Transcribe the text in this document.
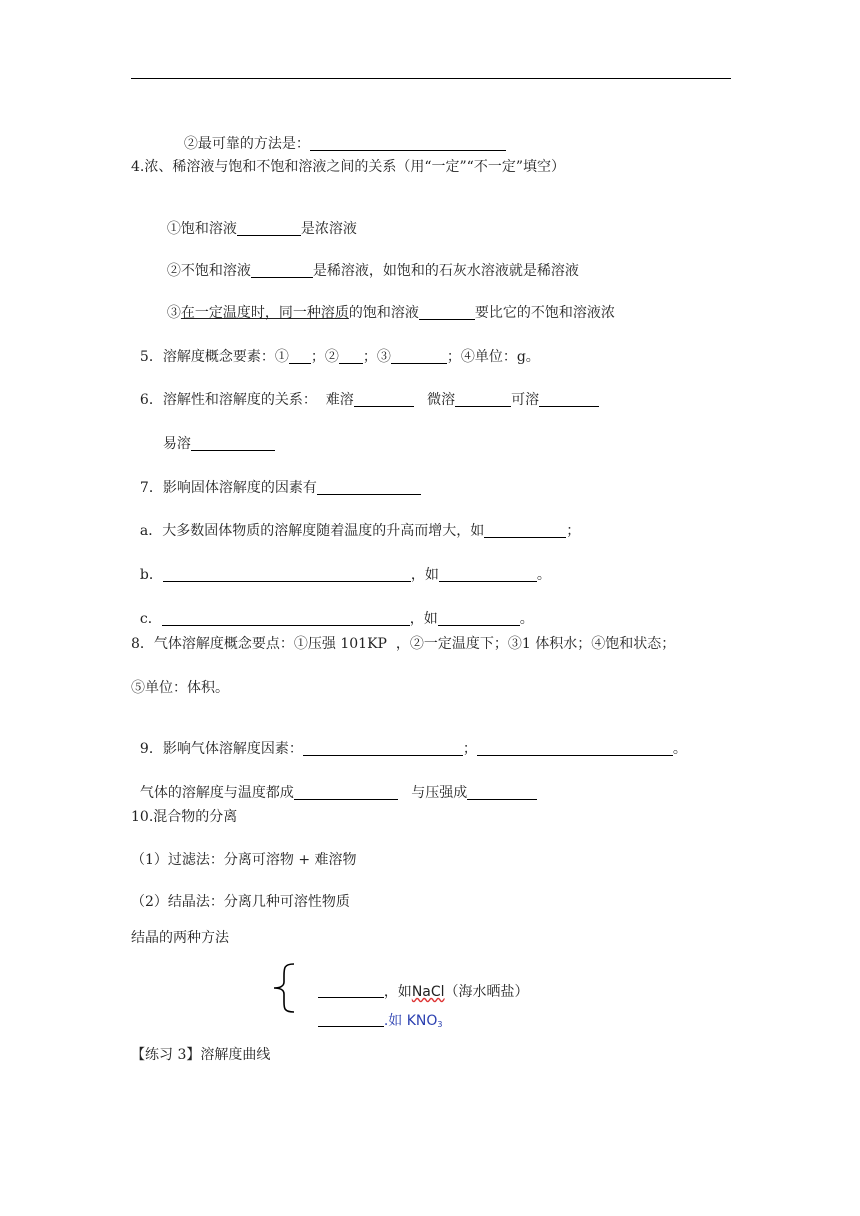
②最可靠的方法是：

4.浓、稀溶液与饱和不饱和溶液之间的关系（用“一定”“不一定”填空）

①饱和溶液	是浓溶液

②不饱和溶液	是稀溶液，如饱和的石灰水溶液就是稀溶液

③在一定温度时，同一种溶质的饱和溶液	要比它的不饱和溶液浓

5．溶解度概念要素：① ；② ；③	；④单位：g。

6．溶解性和溶解度的关系：  难溶	微溶	可溶

易溶

7．影响固体溶解度的因素有

a．大多数固体物质的溶解度随着温度的升高而增大，如	；

b．	，如	。

c．	，如	。

8．气体溶解度概念要点：①压强 101KP  ，②一定温度下；③1 体积水；④饱和状态；
⑤单位：体积。

9．影响气体溶解度因素：	；	。

气体的溶解度与温度都成	与压强成

10.混合物的分离
（1）过滤法：分离可溶物 + 难溶物
（2）结晶法：分离几种可溶性物质
结晶的两种方法

，如NaCl（海水晒盐）

.如 $KNO_3$

【练习 3】溶解度曲线
